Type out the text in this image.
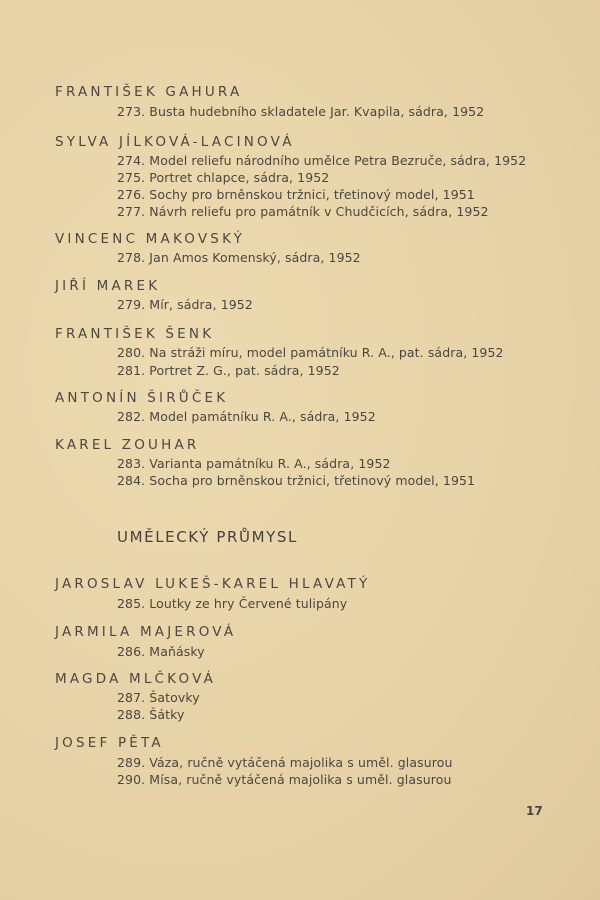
FRANTIŠEK GAHURA
273. Busta hudebního skladatele Jar. Kvapila, sádra, 1952
SYLVA JÍLKOVÁ-LACINOVÁ
274. Model reliefu národního umělce Petra Bezruče, sádra, 1952
275. Portret chlapce, sádra, 1952
276. Sochy pro brněnskou tržnici, třetinový model, 1951
277. Návrh reliefu pro památník v Chudčicích, sádra, 1952
VINCENC MAKOVSKÝ
278. Jan Amos Komenský, sádra, 1952
JIŘÍ MAREK
279. Mír, sádra, 1952
FRANTIŠEK ŠENK
280. Na stráži míru, model památníku R. A., pat. sádra, 1952
281. Portret Z. G., pat. sádra, 1952
ANTONÍN ŠIRŮČEK
282. Model památníku R. A., sádra, 1952
KAREL ZOUHAR
283. Varianta památníku R. A., sádra, 1952
284. Socha pro brněnskou tržnici, třetinový model, 1951
JAROSLAV LUKEŠ-KAREL HLAVATÝ
285. Loutky ze hry Červené tulipány
JARMILA MAJEROVÁ
286. Maňásky
MAGDA MLČKOVÁ
287. Šatovky
288. Šátky
JOSEF PĚTA
289. Váza, ručně vytáčená majolika s uměl. glasurou
290. Mísa, ručně vytáčená majolika s uměl. glasurou
UMĚLECKÝ PRŮMYSL
17
